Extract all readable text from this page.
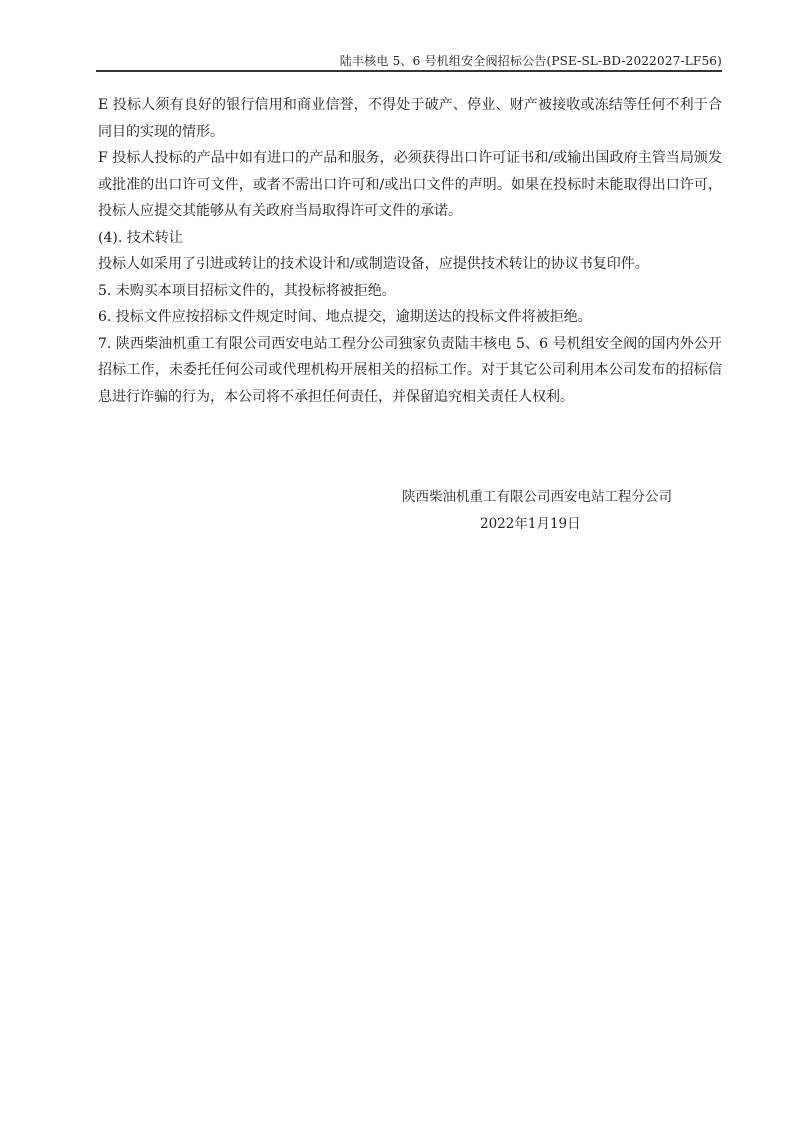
陆丰核电 5、6 号机组安全阀招标公告(PSE-SL-BD-2022027-LF56)

E 投标人须有良好的银行信用和商业信誉，不得处于破产、停业、财产被接收或冻结等任何不利于合同目的实现的情形。

F 投标人投标的产品中如有进口的产品和服务，必须获得出口许可证书和/或输出国政府主管当局颁发或批准的出口许可文件，或者不需出口许可和/或出口文件的声明。如果在投标时未能取得出口许可，投标人应提交其能够从有关政府当局取得许可文件的承诺。

(4). 技术转让

投标人如采用了引进或转让的技术设计和/或制造设备，应提供技术转让的协议书复印件。

5. 未购买本项目招标文件的，其投标将被拒绝。

6. 投标文件应按招标文件规定时间、地点提交，逾期送达的投标文件将被拒绝。

7. 陕西柴油机重工有限公司西安电站工程分公司独家负责陆丰核电 5、6 号机组安全阀的国内外公开招标工作，未委托任何公司或代理机构开展相关的招标工作。对于其它公司利用本公司发布的招标信息进行诈骗的行为，本公司将不承担任何责任，并保留追究相关责任人权利。

陕西柴油机重工有限公司西安电站工程分公司
2022年1月19日
